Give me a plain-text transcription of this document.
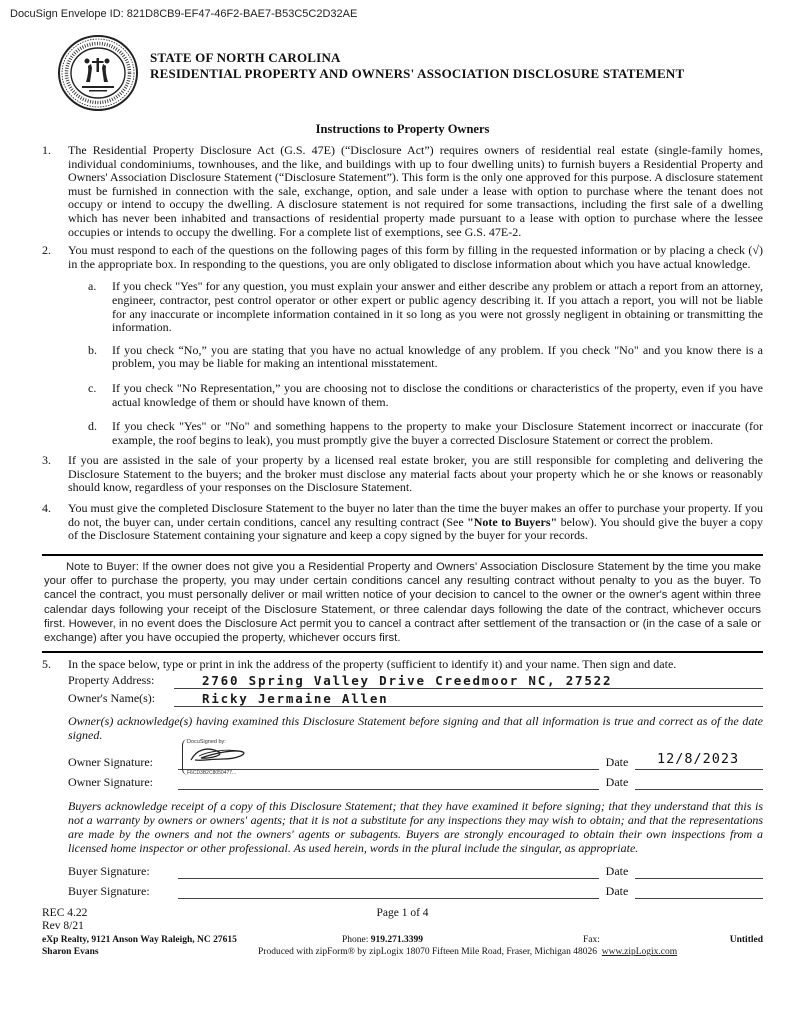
DocuSign Envelope ID: 821D8CB9-EF47-46F2-BAE7-B53C5C2D32AE
STATE OF NORTH CAROLINA
RESIDENTIAL PROPERTY AND OWNERS' ASSOCIATION DISCLOSURE STATEMENT
Instructions to Property Owners
1.	The Residential Property Disclosure Act (G.S. 47E) (“Disclosure Act”) requires owners of residential real estate (single-family homes, individual condominiums, townhouses, and the like, and buildings with up to four dwelling units) to furnish buyers a Residential Property and Owners' Association Disclosure Statement (“Disclosure Statement”). This form is the only one approved for this purpose. A disclosure statement must be furnished in connection with the sale, exchange, option, and sale under a lease with option to purchase where the tenant does not occupy or intend to occupy the dwelling. A disclosure statement is not required for some transactions, including the first sale of a dwelling which has never been inhabited and transactions of residential property made pursuant to a lease with option to purchase where the lessee occupies or intends to occupy the dwelling. For a complete list of exemptions, see G.S. 47E-2.
2.	You must respond to each of the questions on the following pages of this form by filling in the requested information or by placing a check (√) in the appropriate box. In responding to the questions, you are only obligated to disclose information about which you have actual knowledge.
a.	If you check "Yes" for any question, you must explain your answer and either describe any problem or attach a report from an attorney, engineer, contractor, pest control operator or other expert or public agency describing it. If you attach a report, you will not be liable for any inaccurate or incomplete information contained in it so long as you were not grossly negligent in obtaining or transmitting the information.
b.	If you check “No,” you are stating that you have no actual knowledge of any problem. If you check "No" and you know there is a problem, you may be liable for making an intentional misstatement.
c.	If you check "No Representation,” you are choosing not to disclose the conditions or characteristics of the property, even if you have actual knowledge of them or should have known of them.
d.	If you check "Yes" or "No" and something happens to the property to make your Disclosure Statement incorrect or inaccurate (for example, the roof begins to leak), you must promptly give the buyer a corrected Disclosure Statement or correct the problem.
3.	If you are assisted in the sale of your property by a licensed real estate broker, you are still responsible for completing and delivering the Disclosure Statement to the buyers; and the broker must disclose any material facts about your property which he or she knows or reasonably should know, regardless of your responses on the Disclosure Statement.
4.	You must give the completed Disclosure Statement to the buyer no later than the time the buyer makes an offer to purchase your property. If you do not, the buyer can, under certain conditions, cancel any resulting contract (See "Note to Buyers" below). You should give the buyer a copy of the Disclosure Statement containing your signature and keep a copy signed by the buyer for your records.
Note to Buyer: If the owner does not give you a Residential Property and Owners' Association Disclosure Statement by the time you make your offer to purchase the property, you may under certain conditions cancel any resulting contract without penalty to you as the buyer. To cancel the contract, you must personally deliver or mail written notice of your decision to cancel to the owner or the owner's agent within three calendar days following your receipt of the Disclosure Statement, or three calendar days following the date of the contract, whichever occurs first. However, in no event does the Disclosure Act permit you to cancel a contract after settlement of the transaction or (in the case of a sale or exchange) after you have occupied the property, whichever occurs first.
5.	In the space below, type or print in ink the address of the property (sufficient to identify it) and your name. Then sign and date.
Property Address:	2760 Spring Valley Drive Creedmoor NC, 27522
Owner's Name(s):	Ricky Jermaine Allen
Owner(s) acknowledge(s) having examined this Disclosure Statement before signing and that all information is true and correct as of the date signed.
Owner Signature:
DocuSigned by:
F6CD3B2C8050477...
Date	12/8/2023
Owner Signature:	Date
Buyers acknowledge receipt of a copy of this Disclosure Statement; that they have examined it before signing; that they understand that this is not a warranty by owners or owners' agents; that it is not a substitute for any inspections they may wish to obtain; and that the representations are made by the owners and not the owners' agents or subagents. Buyers are strongly encouraged to obtain their own inspections from a licensed home inspector or other professional. As used herein, words in the plural include the singular, as appropriate.
Buyer Signature:	Date
Buyer Signature:	Date
REC 4.22	Page 1 of 4
Rev 8/21
eXp Realty, 9121 Anson Way Raleigh, NC 27615	Phone: 919.271.3399	Fax:	Untitled
Sharon Evans	Produced with zipForm® by zipLogix 18070 Fifteen Mile Road, Fraser, Michigan 48026 www.zipLogix.com
